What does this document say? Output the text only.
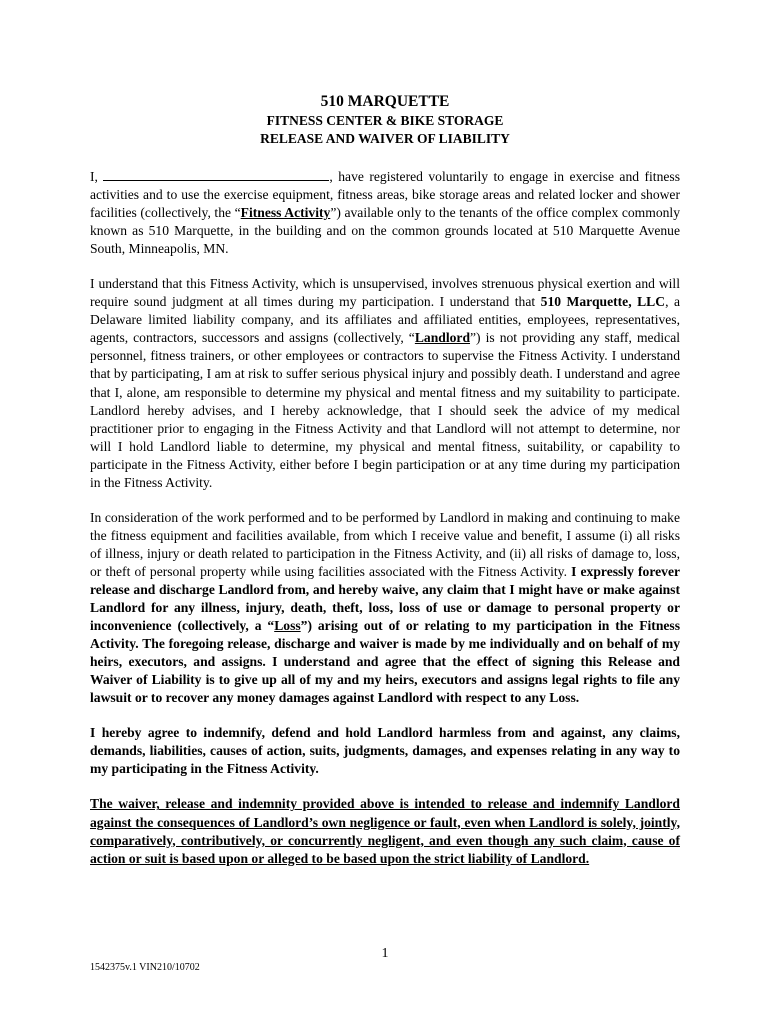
510 MARQUETTE
FITNESS CENTER & BIKE STORAGE
RELEASE AND WAIVER OF LIABILITY

I,	, have registered voluntarily to engage in exercise and fitness activities and to use the exercise equipment, fitness areas, bike storage areas and related locker and shower facilities (collectively, the “Fitness Activity”) available only to the tenants of the office complex commonly known as 510 Marquette, in the building and on the common grounds located at 510 Marquette Avenue South, Minneapolis, MN.

I understand that this Fitness Activity, which is unsupervised, involves strenuous physical exertion and will require sound judgment at all times during my participation. I understand that 510 Marquette, LLC, a Delaware limited liability company, and its affiliates and affiliated entities, employees, representatives, agents, contractors, successors and assigns (collectively, “Landlord”) is not providing any staff, medical personnel, fitness trainers, or other employees or contractors to supervise the Fitness Activity. I understand that by participating, I am at risk to suffer serious physical injury and possibly death. I understand and agree that I, alone, am responsible to determine my physical and mental fitness and my suitability to participate. Landlord hereby advises, and I hereby acknowledge, that I should seek the advice of my medical practitioner prior to engaging in the Fitness Activity and that Landlord will not attempt to determine, nor will I hold Landlord liable to determine, my physical and mental fitness, suitability, or capability to participate in the Fitness Activity, either before I begin participation or at any time during my participation in the Fitness Activity.

In consideration of the work performed and to be performed by Landlord in making and continuing to make the fitness equipment and facilities available, from which I receive value and benefit, I assume (i) all risks of illness, injury or death related to participation in the Fitness Activity, and (ii) all risks of damage to, loss, or theft of personal property while using facilities associated with the Fitness Activity. I expressly forever release and discharge Landlord from, and hereby waive, any claim that I might have or make against Landlord for any illness, injury, death, theft, loss, loss of use or damage to personal property or inconvenience (collectively, a “Loss”) arising out of or relating to my participation in the Fitness Activity. The foregoing release, discharge and waiver is made by me individually and on behalf of my heirs, executors, and assigns. I understand and agree that the effect of signing this Release and Waiver of Liability is to give up all of my and my heirs, executors and assigns legal rights to file any lawsuit or to recover any money damages against Landlord with respect to any Loss.

I hereby agree to indemnify, defend and hold Landlord harmless from and against, any claims, demands, liabilities, causes of action, suits, judgments, damages, and expenses relating in any way to my participating in the Fitness Activity.

The waiver, release and indemnity provided above is intended to release and indemnify Landlord against the consequences of Landlord’s own negligence or fault, even when Landlord is solely, jointly, comparatively, contributively, or concurrently negligent, and even though any such claim, cause of action or suit is based upon or alleged to be based upon the strict liability of Landlord.

1
1542375v.1 VIN210/10702
